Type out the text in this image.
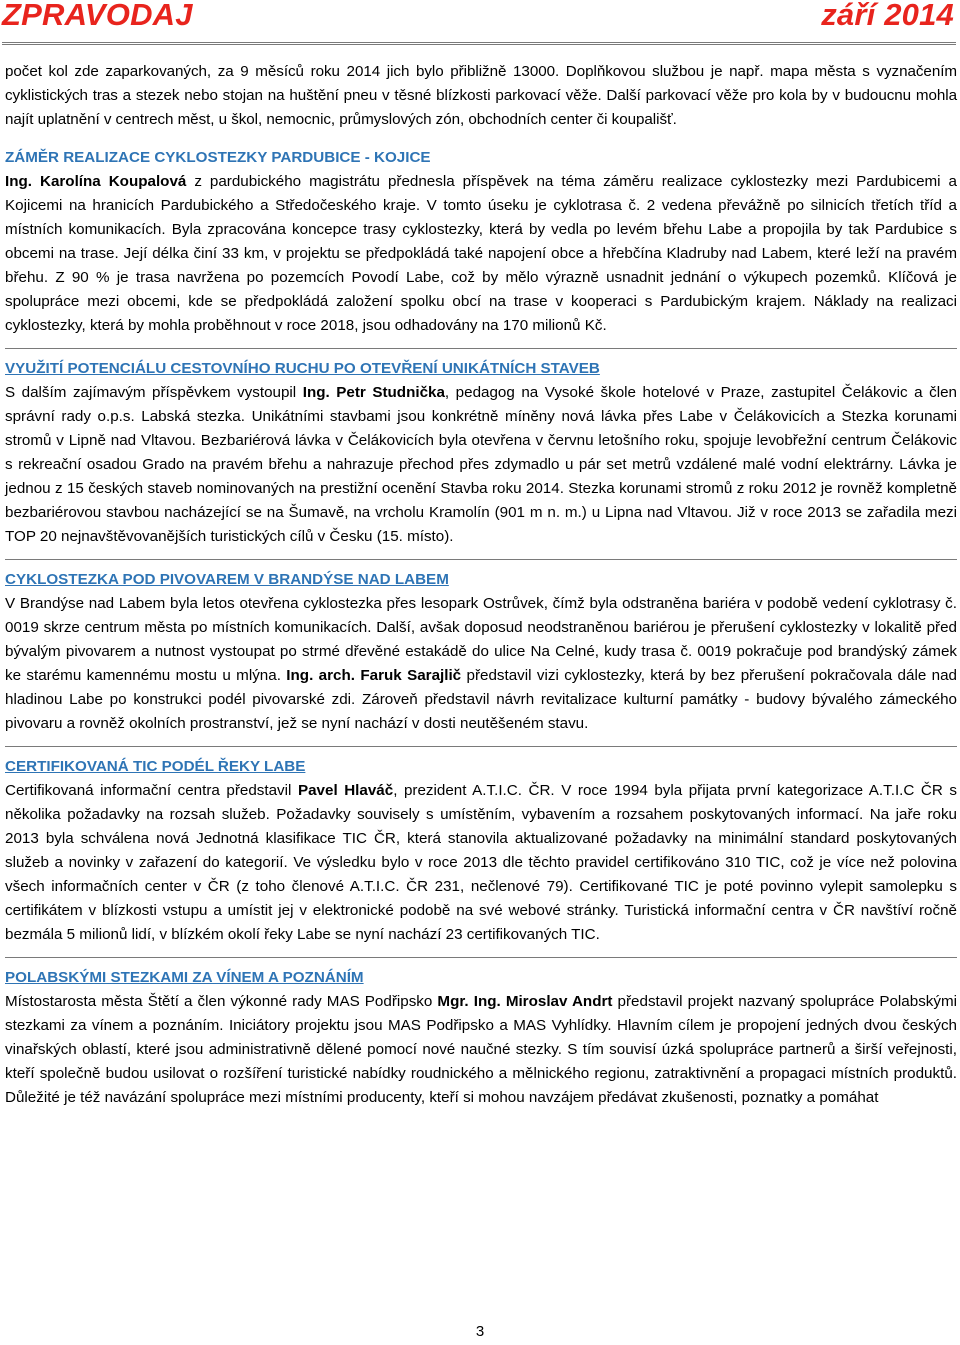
ZPRAVODAJ	září 2014

počet kol zde zaparkovaných, za 9 měsíců roku 2014 jich bylo přibližně 13000. Doplňkovou službou je např. mapa města s vyznačením cyklistických tras a stezek nebo stojan na huštění pneu v těsné blízkosti parkovací věže. Další parkovací věže pro kola by v budoucnu mohla najít uplatnění v centrech měst, u škol, nemocnic, průmyslových zón, obchodních center či koupališť.

ZÁMĚR REALIZACE CYKLOSTEZKY PARDUBICE - KOJICE

Ing. Karolína Koupalová z pardubického magistrátu přednesla příspěvek na téma záměru realizace cyklostezky mezi Pardubicemi a Kojicemi na hranicích Pardubického a Středočeského kraje. V tomto úseku je cyklotrasa č. 2 vedena převážně po silnicích třetích tříd a místních komunikacích. Byla zpracována koncepce trasy cyklostezky, která by vedla po levém břehu Labe a propojila by tak Pardubice s obcemi na trase. Její délka činí 33 km, v projektu se předpokládá také napojení obce a hřebčína Kladruby nad Labem, které leží na pravém břehu. Z 90 % je trasa navržena po pozemcích Povodí Labe, což by mělo výrazně usnadnit jednání o výkupech pozemků. Klíčová je spolupráce mezi obcemi, kde se předpokládá založení spolku obcí na trase v kooperaci s Pardubickým krajem. Náklady na realizaci cyklostezky, která by mohla proběhnout v roce 2018, jsou odhadovány na 170 milionů Kč.

VYUŽITÍ POTENCIÁLU CESTOVNÍHO RUCHU PO OTEVŘENÍ UNIKÁTNÍCH STAVEB

S dalším zajímavým příspěvkem vystoupil Ing. Petr Studnička, pedagog na Vysoké škole hotelové v Praze, zastupitel Čelákovic a člen správní rady o.p.s. Labská stezka. Unikátními stavbami jsou konkrétně míněny nová lávka přes Labe v Čelákovicích a Stezka korunami stromů v Lipně nad Vltavou. Bezbariérová lávka v Čelákovicích byla otevřena v červnu letošního roku, spojuje levobřežní centrum Čelákovic s rekreační osadou Grado na pravém břehu a nahrazuje přechod přes zdymadlo u pár set metrů vzdálené malé vodní elektrárny. Lávka je jednou z 15 českých staveb nominovaných na prestižní ocenění Stavba roku 2014. Stezka korunami stromů z roku 2012 je rovněž kompletně bezbariérovou stavbou nacházející se na Šumavě, na vrcholu Kramolín (901 m n. m.) u Lipna nad Vltavou. Již v roce 2013 se zařadila mezi TOP 20 nejnavštěvovanějších turistických cílů v Česku (15. místo).

CYKLOSTEZKA POD PIVOVAREM V BRANDÝSE NAD LABEM

V Brandýse nad Labem byla letos otevřena cyklostezka přes lesopark Ostrůvek, čímž byla odstraněna bariéra v podobě vedení cyklotrasy č. 0019 skrze centrum města po místních komunikacích. Další, avšak doposud neodstraněnou bariérou je přerušení cyklostezky v lokalitě před bývalým pivovarem a nutnost vystoupat po strmé dřevěné estakádě do ulice Na Celné, kudy trasa č. 0019 pokračuje pod brandýský zámek ke starému kamennému mostu u mlýna. Ing. arch. Faruk Sarajlič představil vizi cyklostezky, která by bez přerušení pokračovala dále nad hladinou Labe po konstrukci podél pivovarské zdi. Zároveň představil návrh revitalizace kulturní památky - budovy bývalého zámeckého pivovaru a rovněž okolních prostranství, jež se nyní nachází v dosti neutěšeném stavu.

CERTIFIKOVANÁ TIC PODÉL ŘEKY LABE

Certifikovaná informační centra představil Pavel Hlaváč, prezident A.T.I.C. ČR. V roce 1994 byla přijata první kategorizace A.T.I.C ČR s několika požadavky na rozsah služeb. Požadavky souvisely s umístěním, vybavením a rozsahem poskytovaných informací. Na jaře roku 2013 byla schválena nová Jednotná klasifikace TIC ČR, která stanovila aktualizované požadavky na minimální standard poskytovaných služeb a novinky v zařazení do kategorií. Ve výsledku bylo v roce 2013 dle těchto pravidel certifikováno 310 TIC, což je více než polovina všech informačních center v ČR (z toho členové A.T.I.C. ČR 231, nečlenové 79). Certifikované TIC je poté povinno vylepit samolepku s certifikátem v blízkosti vstupu a umístit jej v elektronické podobě na své webové stránky. Turistická informační centra v ČR navštíví ročně bezmála 5 milionů lidí, v blízkém okolí řeky Labe se nyní nachází 23 certifikovaných TIC.

POLABSKÝMI STEZKAMI ZA VÍNEM A POZNÁNÍM

Místostarosta města Štětí a člen výkonné rady MAS Podřipsko Mgr. Ing. Miroslav Andrt představil projekt nazvaný spolupráce Polabskými stezkami za vínem a poznáním. Iniciátory projektu jsou MAS Podřipsko a MAS Vyhlídky. Hlavním cílem je propojení jedných dvou českých vinařských oblastí, které jsou administrativně dělené pomocí nové naučné stezky. S tím souvisí úzká spolupráce partnerů a širší veřejnosti, kteří společně budou usilovat o rozšíření turistické nabídky roudnického a mělnického regionu, zatraktivnění a propagaci místních produktů. Důležité je též navázání spolupráce mezi místními producenty, kteří si mohou navzájem předávat zkušenosti, poznatky a pomáhat

3
